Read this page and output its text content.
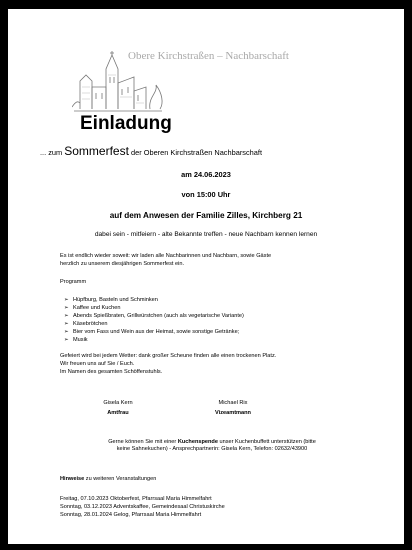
Obere Kirchstraßen – Nachbarschaft
Einladung
... zum Sommerfest der Oberen Kirchstraßen Nachbarschaft
am 24.06.2023
von 15:00 Uhr
auf dem Anwesen der Familie Zilles, Kirchberg 21
dabei sein - mitfeiern - alte Bekannte treffen - neue Nachbarn kennen lernen
Es ist endlich wieder soweit: wir laden alle Nachbarinnen und Nachbarn, sowie Gäste
herzlich zu unserem diesjährigen Sommerfest ein.
Programm
➢ Hüpfburg, Basteln und Schminken
➢ Kaffee und Kuchen
➢ Abends Spießbraten, Grillwürstchen (auch als vegetarische Variante)
➢ Käsebrötchen
➢ Bier vom Fass und Wein aus der Heimat, sowie sonstige Getränke;
➢ Musik
Gefeiert wird bei jedem Wetter: dank großer Scheune finden alle einen trockenen Platz.
Wir freuen uns auf Sie / Euch.
Im Namen des gesamten Schöffenstuhls.
Gisela Kern
Amtfrau
Michael Rix
Vizeamtmann
Gerne können Sie mit einer Kuchenspende unser Kuchenbuffett unterstützen (bitte
keine Sahnekuchen) - Ansprechpartnerin: Gisela Kern, Telefon: 02632/43900
Hinweise zu weiteren Veranstaltungen
Freitag, 07.10.2023 Oktoberfest, Pfarrsaal Maria Himmelfahrt
Sonntag, 03.12.2023 Adventskaffee, Gemeindesaal Christuskirche
Sonntag, 28.01.2024 Gelog, Pfarrsaal Maria Himmelfahrt
